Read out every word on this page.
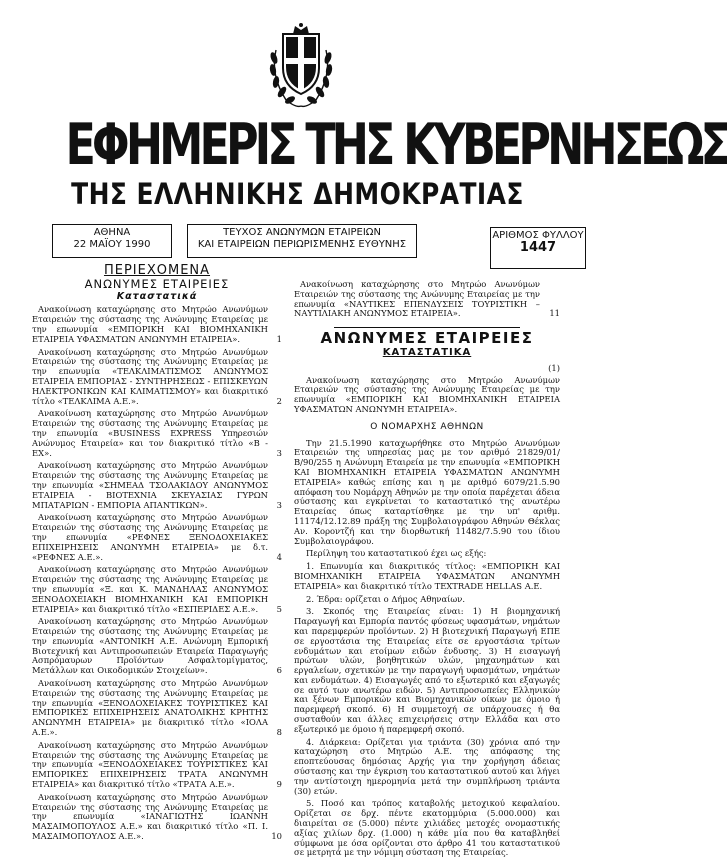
ΕΦΗΜΕΡΙΣ ΤΗΣ ΚΥΒΕΡΝΗΣΕΩΣ
ΤΗΣ ΕΛΛΗΝΙΚΗΣ ΔΗΜΟΚΡΑΤΙΑΣ
ΑΘΗΝΑ
22 ΜΑΪΟΥ 1990
ΤΕΥΧΟΣ ΑΝΩΝΥΜΩΝ ΕΤΑΙΡΕΙΩΝ
ΚΑΙ ΕΤΑΙΡΕΙΩΝ ΠΕΡΙΩΡΙΣΜΕΝΗΣ ΕΥΘΥΝΗΣ
ΑΡΙΘΜΟΣ ΦΥΛΛΟΥ
1447
ΠΕΡΙΕΧΟΜΕΝΑ
ΑΝΩΝΥΜΕΣ ΕΤΑΙΡΕΙΕΣ
Καταστατικά
Ανακοίνωση καταχώρησης στο Μητρώο Ανωνύμων Εταιρειών της σύστασης της Ανώνυμης Εταιρείας με την επωνυμία «ΕΜΠΟΡΙΚΗ ΚΑΙ ΒΙΟΜΗΧΑΝΙΚΗ ΕΤΑΙΡΕΙΑ ΥΦΑΣΜΑΤΩΝ ΑΝΩΝΥΜΗ ΕΤΑΙΡΕΙΑ».	1
Ανακοίνωση καταχώρησης στο Μητρώο Ανωνύμων Εταιρειών της σύστασης της Ανώνυμης Εταιρείας με την επωνυμία «ΤΕΛΚΛΙΜΑΤΙΣΜΟΣ ΑΝΩΝΥΜΟΣ ΕΤΑΙΡΕΙΑ ΕΜΠΟΡΙΑΣ - ΣΥΝΤΗΡΗΣΕΩΣ - ΕΠΙΣΚΕΥΩΝ ΗΛΕΚΤΡΟΝΙΚΩΝ ΚΑΙ ΚΛΙΜΑΤΙΣΜΟΥ» και διακριτικό τίτλο «ΤΕΛΚΛΙΜΑ Α.Ε.».	2
Ανακοίνωση καταχώρησης στο Μητρώο Ανωνύμων Εταιρειών της σύστασης της Ανώνυμης Εταιρείας με την επωνυμία «BUSINESS EXPRESS Υπηρεσιών Ανώνυμος Εταιρεία» και τον διακριτικό τίτλο «Β - ΕΧ».	3
Ανακοίνωση καταχώρησης στο Μητρώο Ανωνύμων Εταιρειών της σύστασης της Ανώνυμης Εταιρείας με την επωνυμία «ΣΗΜΕΑΔ ΤΣΟΛΑΚΙΔΟΥ ΑΝΩΝΥΜΟΣ ΕΤΑΙΡΕΙΑ - ΒΙΟΤΕΧΝΙΑ ΣΚΕΥΑΣΙΑΣ ΓΥΡΩΝ ΜΠΑΤΑΡΙΩΝ - ΕΜΠΟΡΙΑ ΑΠΑΝΤΙΚΩΝ».	3
Ανακοίνωση καταχώρησης στο Μητρώο Ανωνύμων Εταιρειών της σύστασης της Ανώνυμης Εταιρείας με την επωνυμία «ΡΕΦΝΕΣ ΞΕΝΟΔΟΧΕΙΑΚΕΣ ΕΠΙΧΕΙΡΗΣΕΙΣ ΑΝΩΝΥΜΗ ΕΤΑΙΡΕΙΑ» με δ.τ. «ΡΕΦΝΕΣ Α.Ε.».	4
Ανακοίνωση καταχώρησης στο Μητρώο Ανωνύμων Εταιρειών της σύστασης της Ανώνυμης Εταιρείας με την επωνυμία «Ξ. και Κ. ΜΑΝΔΗΛΑΣ ΑΝΩΝΥΜΟΣ ΞΕΝΟΔΟΧΕΙΑΚΗ ΒΙΟΜΗΧΑΝΙΚΗ ΚΑΙ ΕΜΠΟΡΙΚΗ ΕΤΑΙΡΕΙΑ» και διακριτικό τίτλο «ΕΣΠΕΡΙΔΕΣ Α.Ε.».	5
Ανακοίνωση καταχώρησης στο Μητρώο Ανωνύμων Εταιρειών της σύστασης της Ανώνυμης Εταιρείας με την επωνυμία «ΑΝΤΟΝΙΚΗ Α.Ε. Ανώνυμη Εμπορική Βιοτεχνική και Αντιπροσωπειών Εταιρεία Παραγωγής Ασπρόμαυρων Προϊόντων Ασφαλτομίγματος, Μετάλλων και Οικοδομικών Στοιχείων».	6
Ανακοίνωση καταχώρησης στο Μητρώο Ανωνύμων Εταιρειών της σύστασης της Ανώνυμης Εταιρείας με την επωνυμία «ΞΕΝΟΔΟΧΕΙΑΚΕΣ ΤΟΥΡΙΣΤΙΚΕΣ ΚΑΙ ΕΜΠΟΡΙΚΕΣ ΕΠΙΧΕΙΡΗΣΕΙΣ ΑΝΑΤΟΛΙΚΗΣ ΚΡΗΤΗΣ ΑΝΩΝΥΜΗ ΕΤΑΙΡΕΙΑ» με διακριτικό τίτλο «ΙΟΛΑ Α.Ε.».	8
Ανακοίνωση καταχώρησης στο Μητρώο Ανωνύμων Εταιρειών της σύστασης της Ανώνυμης Εταιρείας με την επωνυμία «ΞΕΝΟΔΟΧΕΙΑΚΕΣ ΤΟΥΡΙΣΤΙΚΕΣ ΚΑΙ ΕΜΠΟΡΙΚΕΣ ΕΠΙΧΕΙΡΗΣΕΙΣ ΤΡΑΤΑ ΑΝΩΝΥΜΗ ΕΤΑΙΡΕΙΑ» και διακριτικό τίτλο «ΤΡΑΤΑ Α.Ε.».	9
Ανακοίνωση καταχώρησης στο Μητρώο Ανωνύμων Εταιρειών της σύστασης της Ανώνυμης Εταιρείας με την επωνυμία «ΙΑΝΑΓΙΩΤΗΣ ΙΩΑΝΝΗ ΜΑΣΑΙΜΟΠΟΥΛΟΣ Α.Ε.» και διακριτικό τίτλο «Π. Ι. ΜΑΣΑΙΜΟΠΟΥΛΟΣ Α.Ε.».	10
Ανακοίνωση καταχώρησης στο Μητρώο Ανωνύμων Εταιρειών της σύστασης της Ανώνυμης Εταιρείας με την επωνυμία «ΝΑΥΤΙΚΕΣ ΕΠΕΝΔΥΣΕΙΣ ΤΟΥΡΙΣΤΙΚΗ – ΝΑΥΤΙΛΙΑΚΗ ΑΝΩΝΥΜΟΣ ΕΤΑΙΡΕΙΑ».	11
ΑΝΩΝΥΜΕΣ ΕΤΑΙΡΕΙΕΣ
ΚΑΤΑΣΤΑΤΙΚΑ
(1)
Ανακοίνωση καταχώρησης στο Μητρώο Ανωνύμων Εταιρειών της σύστασης της Ανώνυμης Εταιρείας με την επωνυμία «ΕΜΠΟΡΙΚΗ ΚΑΙ ΒΙΟΜΗΧΑΝΙΚΗ ΕΤΑΙΡΕΙΑ ΥΦΑΣΜΑΤΩΝ ΑΝΩΝΥΜΗ ΕΤΑΙΡΕΙΑ».
Ο ΝΟΜΑΡΧΗΣ ΑΘΗΝΩΝ
Την 21.5.1990 καταχωρήθηκε στο Μητρώο Ανωνύμων Εταιρειών της υπηρεσίας μας με τον αριθμό 21829/01/Β/90/255 η Ανώνυμη Εταιρεία με την επωνυμία «ΕΜΠΟΡΙΚΗ ΚΑΙ ΒΙΟΜΗΧΑΝΙΚΗ ΕΤΑΙΡΕΙΑ ΥΦΑΣΜΑΤΩΝ ΑΝΩΝΥΜΗ ΕΤΑΙΡΕΙΑ» καθώς επίσης και η με αριθμό 6079/21.5.90 απόφαση του Νομάρχη Αθηνών με την οποία παρέχεται άδεια σύστασης και εγκρίνεται το καταστατικό της ανωτέρω Εταιρείας όπως καταρτίσθηκε με την υπ' αριθμ. 11174/12.12.89 πράξη της Συμβολαιογράφου Αθηνών Θέκλας Αν. Κοροντζή και την διορθωτική 11482/7.5.90 του ίδιου Συμβολαιογράφου.
Περίληψη του καταστατικού έχει ως εξής:
1. Επωνυμία και διακριτικός τίτλος: «ΕΜΠΟΡΙΚΗ ΚΑΙ ΒΙΟΜΗΧΑΝΙΚΗ ΕΤΑΙΡΕΙΑ ΥΦΑΣΜΑΤΩΝ ΑΝΩΝΥΜΗ ΕΤΑΙΡΕΙΑ» και διακριτικό τίτλο TEXTRADE HELLAS Α.Ε.
2. Έδρα: ορίζεται ο Δήμος Αθηναίων.
3. Σκοπός της Εταιρείας είναι: 1) Η βιομηχανική Παραγωγή και Εμπορία παντός φύσεως υφασμάτων, νημάτων και παρεμφερών προϊόντων. 2) Η βιοτεχνική Παραγωγή ΕΠΕ σε εργοστάσια της Εταιρείας είτε σε εργοστάσια τρίτων ενδυμάτων και ετοίμων ειδών ένδυσης. 3) Η εισαγωγή πρώτων υλών, βοηθητικών υλών, μηχανημάτων και εργαλείων, σχετικών με την παραγωγή υφασμάτων, νημάτων και ενδυμάτων. 4) Εισαγωγές από το εξωτερικό και εξαγωγές σε αυτό των ανωτέρω ειδών. 5) Αντιπροσωπείες Ελληνικών και ξένων Εμπορικών και Βιομηχανικών οίκων με όμοιο ή παρεμφερή σκοπό. 6) Η συμμετοχή σε υπάρχουσες ή θα συσταθούν και άλλες επιχειρήσεις στην Ελλάδα και στο εξωτερικό με όμοιο ή παρεμφερή σκοπό.
4. Διάρκεια: Ορίζεται για τριάντα (30) χρόνια από την καταχώρηση στο Μητρώο Α.Ε. της απόφασης της εποπτεύουσας δημόσιας Αρχής για την χορήγηση άδειας σύστασης και την έγκριση του καταστατικού αυτού και λήγει την αντίστοιχη ημερομηνία μετά την συμπλήρωση τριάντα (30) ετών.
5. Ποσό και τρόπος καταβολής μετοχικού κεφαλαίου. Ορίζεται σε δρχ. πέντε εκατομμύρια (5.000.000) και διαιρείται σε (5.000) πέντε χιλιάδες μετοχές ονομαστικής αξίας χιλίων δρχ. (1.000) η κάθε μία που θα καταβληθεί σύμφωνα με όσα ορίζονται στο άρθρο 41 του καταστατικού σε μετρητά με την νόμιμη σύσταση της Εταιρείας.
